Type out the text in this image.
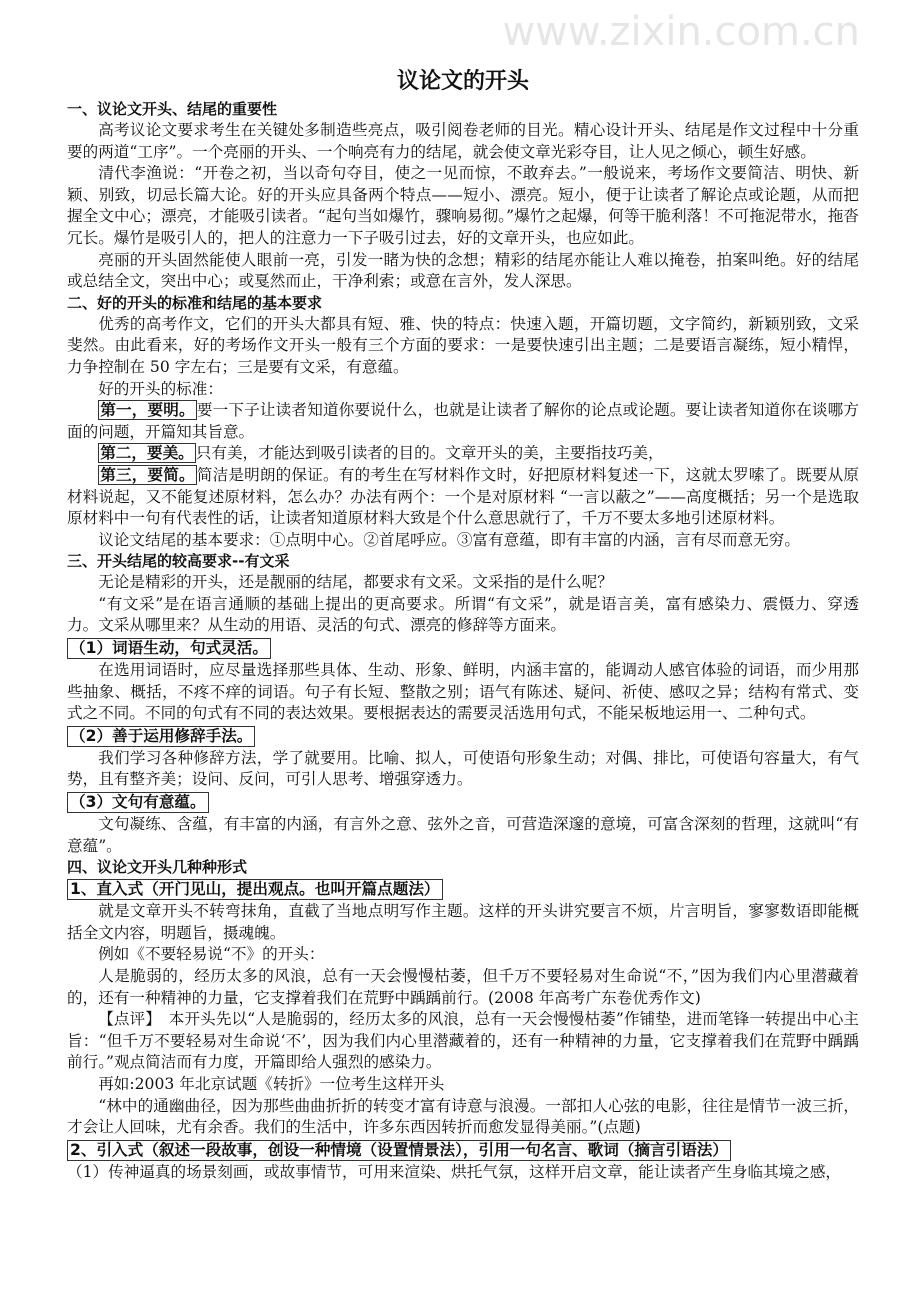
www.zixin.com.cn
议论文的开头
一、议论文开头、结尾的重要性
高考议论文要求考生在关键处多制造些亮点，吸引阅卷老师的目光。精心设计开头、结尾是作文过程中十分重要的两道“工序”。一个亮丽的开头、一个响亮有力的结尾，就会使文章光彩夺目，让人见之倾心，顿生好感。
清代李渔说：“开卷之初，当以奇句夺目，使之一见而惊，不敢弃去。”一般说来，考场作文要简洁、明快、新颖、别致，切忌长篇大论。好的开头应具备两个特点——短小、漂亮。短小，便于让读者了解论点或论题，从而把握全文中心；漂亮，才能吸引读者。“起句当如爆竹，骤响易彻。”爆竹之起爆，何等干脆利落！不可拖泥带水，拖沓冗长。爆竹是吸引人的，把人的注意力一下子吸引过去，好的文章开头，也应如此。
亮丽的开头固然能使人眼前一亮，引发一睹为快的念想；精彩的结尾亦能让人难以掩卷，拍案叫绝。好的结尾或总结全文，突出中心；或戛然而止，干净利索；或意在言外，发人深思。
二、好的开头的标准和结尾的基本要求
优秀的高考作文，它们的开头大都具有短、雅、快的特点：快速入题，开篇切题，文字简约，新颖别致，文采斐然。由此看来，好的考场作文开头一般有三个方面的要求：一是要快速引出主题；二是要语言凝练，短小精悍，力争控制在 50 字左右；三是要有文采，有意蕴。
好的开头的标准：
第一，要明。 要一下子让读者知道你要说什么，也就是让读者了解你的论点或论题。要让读者知道你在谈哪方面的问题，开篇知其旨意。
第二，要美。 只有美，才能达到吸引读者的目的。文章开头的美，主要指技巧美，
第三，要简。 简洁是明朗的保证。有的考生在写材料作文时，好把原材料复述一下，这就太罗嗦了。既要从原材料说起，又不能复述原材料，怎么办？办法有两个：一个是对原材料 “一言以蔽之”——高度概括；另一个是选取原材料中一句有代表性的话，让读者知道原材料大致是个什么意思就行了，千万不要太多地引述原材料。
议论文结尾的基本要求：①点明中心。②首尾呼应。③富有意蕴，即有丰富的内涵，言有尽而意无穷。
三、开头结尾的较高要求--有文采
无论是精彩的开头，还是靓丽的结尾，都要求有文采。文采指的是什么呢？
“有文采”是在语言通顺的基础上提出的更高要求。所谓“有文采”，就是语言美，富有感染力、震慑力、穿透力。文采从哪里来？从生动的用语、灵活的句式、漂亮的修辞等方面来。
（1）词语生动，句式灵活。
在选用词语时，应尽量选择那些具体、生动、形象、鲜明，内涵丰富的，能调动人感官体验的词语，而少用那些抽象、概括，不疼不痒的词语。句子有长短、整散之别；语气有陈述、疑问、祈使、感叹之异；结构有常式、变式之不同。不同的句式有不同的表达效果。要根据表达的需要灵活选用句式，不能呆板地运用一、二种句式。
（2）善于运用修辞手法。
我们学习各种修辞方法，学了就要用。比喻、拟人，可使语句形象生动；对偶、排比，可使语句容量大，有气势，且有整齐美；设问、反问，可引人思考、增强穿透力。
（3）文句有意蕴。
文句凝练、含蕴，有丰富的内涵，有言外之意、弦外之音，可营造深邃的意境，可富含深刻的哲理，这就叫“有意蕴”。
四、议论文开头几种种形式
1、直入式（开门见山，提出观点。也叫开篇点题法）
就是文章开头不转弯抹角，直截了当地点明写作主题。这样的开头讲究要言不烦，片言明旨，寥寥数语即能概括全文内容，明题旨，摄魂魄。
例如《不要轻易说“不》的开头：
人是脆弱的，经历太多的风浪，总有一天会慢慢枯萎，但千万不要轻易对生命说“不，”因为我们内心里潜藏着的，还有一种精神的力量，它支撑着我们在荒野中踽踽前行。(2008 年高考广东卷优秀作文)
【点评】　本开头先以“人是脆弱的，经历太多的风浪，总有一天会慢慢枯萎”作铺垫，进而笔锋一转提出中心主旨：“但千万不要轻易对生命说‘不’，因为我们内心里潜藏着的，还有一种精神的力量，它支撑着我们在荒野中踽踽前行。”观点简洁而有力度，开篇即给人强烈的感染力。
再如:2003 年北京试题《转折》一位考生这样开头
“林中的通幽曲径，因为那些曲曲折折的转变才富有诗意与浪漫。一部扣人心弦的电影，往往是情节一波三折，才会让人回味，尤有余香。我们的生活中，许多东西因转折而愈发显得美丽。”(点题)
2、引入式（叙述一段故事，创设一种情境（设置情景法），引用一句名言、歌词（摘言引语法）
（1）传神逼真的场景刻画，或故事情节，可用来渲染、烘托气氛，这样开启文章，能让读者产生身临其境之感，
